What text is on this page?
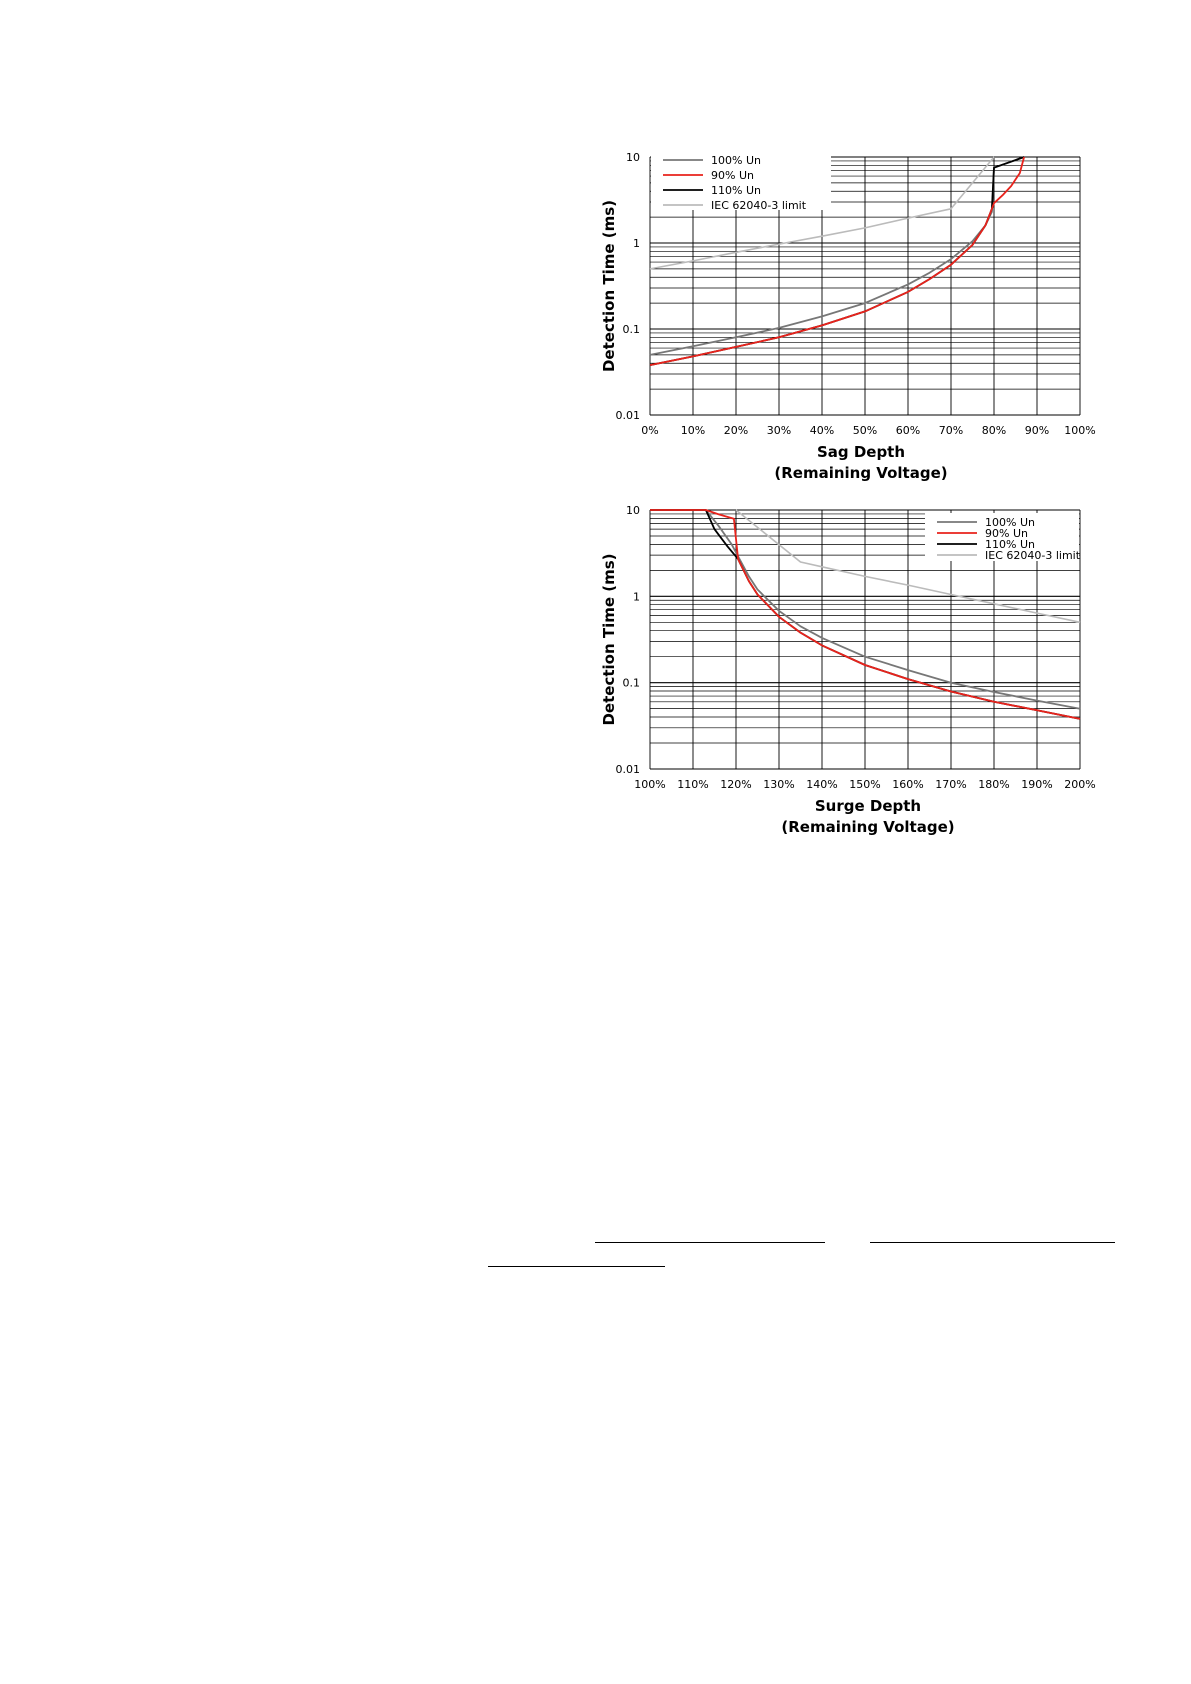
10
1
0.1
0.01
0% 10% 20% 30% 40% 50% 60% 70% 80% 90% 100%
Detection Time (ms)
Sag Depth
(Remaining Voltage)
100% Un
90% Un
110% Un
IEC 62040-3 limit
10
1
0.1
0.01
100% 110% 120% 130% 140% 150% 160% 170% 180% 190% 200%
Detection Time (ms)
Surge Depth
(Remaining Voltage)
100% Un
90% Un
110% Un
IEC 62040-3 limit
